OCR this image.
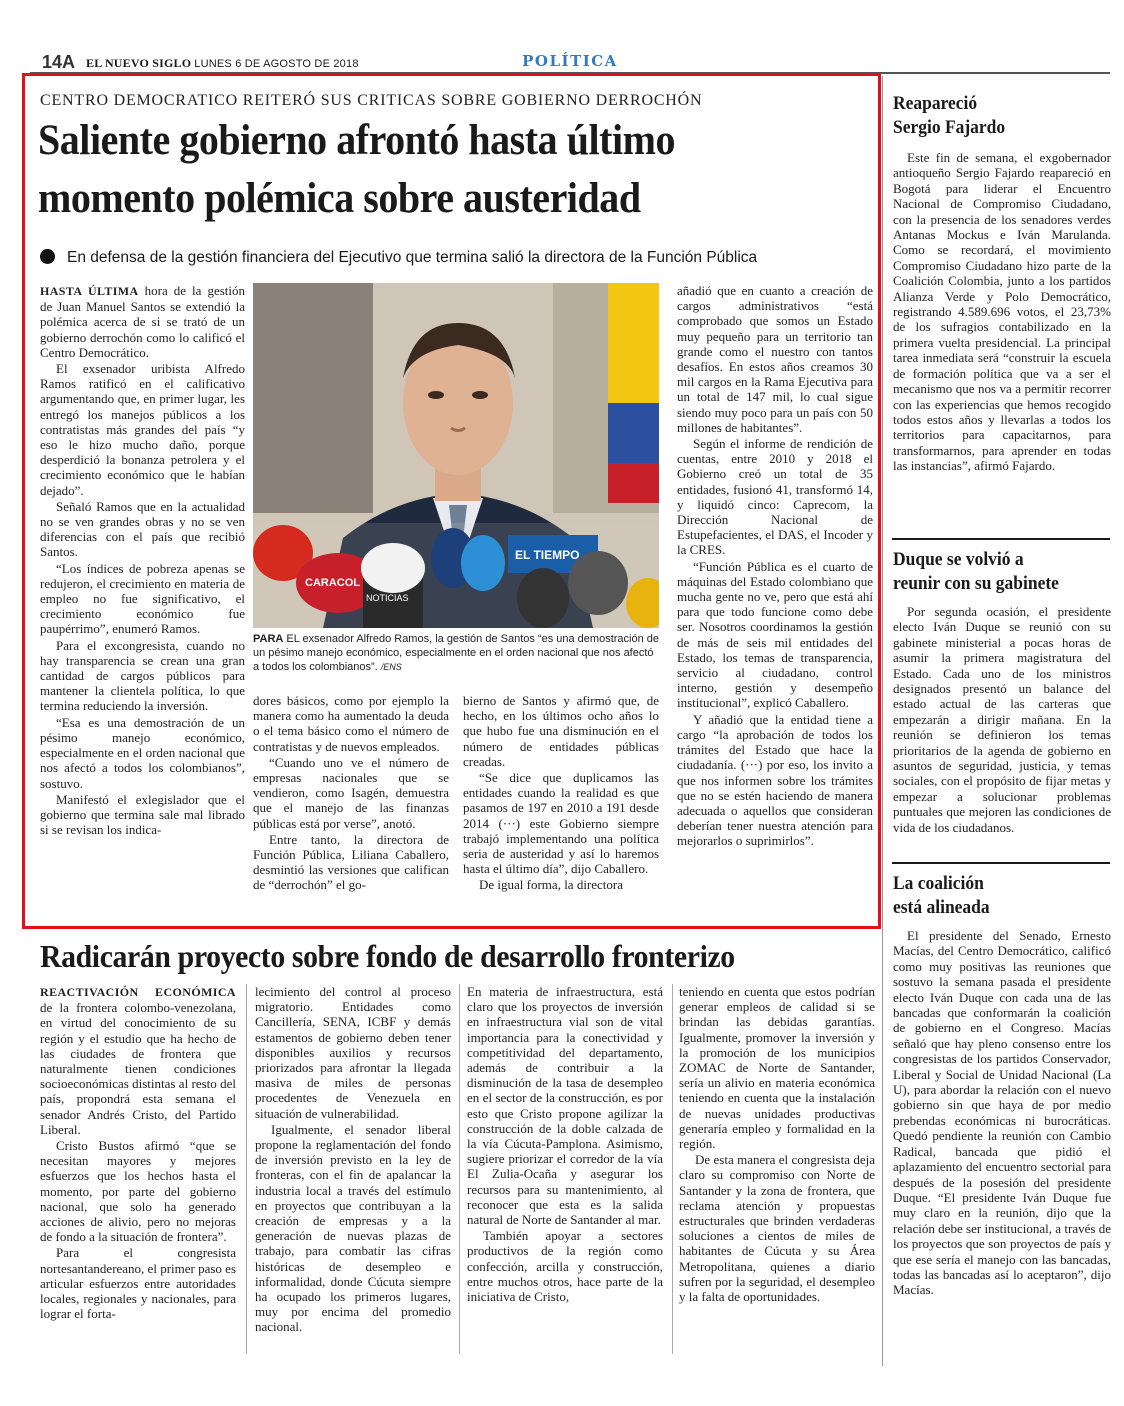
14A EL NUEVO SIGLO LUNES 6 DE AGOSTO DE 2018	POLÍTICA
CENTRO DEMOCRATICO REITERÓ SUS CRITICAS SOBRE GOBIERNO DERROCHÓN
Saliente gobierno afrontó hasta último
momento polémica sobre austeridad
En defensa de la gestión financiera del Ejecutivo que termina salió la directora de la Función Pública

HASTA ÚLTIMA hora de la gestión de Juan Manuel Santos se extendió la polémica acerca de si se trató de un gobierno derrochón como lo calificó el Centro Democrático.

El exsenador uribista Alfredo Ramos ratificó en el calificativo argumentando que, en primer lugar, les entregó los manejos públicos a los contratistas más grandes del país “y eso le hizo mucho daño, porque desperdició la bonanza petrolera y el crecimiento económico que le habían dejado”.

Señaló Ramos que en la actualidad no se ven grandes obras y no se ven diferencias con el país que recibió Santos.

“Los índices de pobreza apenas se redujeron, el crecimiento en materia de empleo no fue significativo, el crecimiento económico fue paupérrimo”, enumeró Ramos.

Para el excongresista, cuando no hay transparencia se crean una gran cantidad de cargos públicos para mantener la clientela política, lo que termina reduciendo la inversión.

“Esa es una demostración de un pésimo manejo económico, especialmente en el orden nacional que nos afectó a todos los colombianos”, sostuvo.

Manifestó el exlegislador que el gobierno que termina sale mal librado si se revisan los indica-

CARACOL
NOTICIAS
EL TIEMPO
PARA EL exsenador Alfredo Ramos, la gestión de Santos “es una demostración de un pésimo manejo económico, especialmente en el orden nacional que nos afectó a todos los colombianos”. /ENS

dores básicos, como por ejemplo la manera como ha aumentado la deuda o el tema básico como el número de contratistas y de nuevos empleados.

“Cuando uno ve el número de empresas nacionales que se vendieron, como Isagén, demuestra que el manejo de las finanzas públicas está por verse”, anotó.

Entre tanto, la directora de Función Pública, Liliana Caballero, desmintió las versiones que califican de “derrochón” el go-

bierno de Santos y afirmó que, de hecho, en los últimos ocho años lo que hubo fue una disminución en el número de entidades públicas creadas.

“Se dice que duplicamos las entidades cuando la realidad es que pasamos de 197 en 2010 a 191 desde 2014 (···) este Gobierno siempre trabajó implementando una política seria de austeridad y así lo haremos hasta el último día”, dijo Caballero.

De igual forma, la directora

añadió que en cuanto a creación de cargos administrativos “está comprobado que somos un Estado muy pequeño para un territorio tan grande como el nuestro con tantos desafíos. En estos años creamos 30 mil cargos en la Rama Ejecutiva para un total de 147 mil, lo cual sigue siendo muy poco para un país con 50 millones de habitantes”.

Según el informe de rendición de cuentas, entre 2010 y 2018 el Gobierno creó un total de 35 entidades, fusionó 41, transformó 14, y liquidó cinco: Caprecom, la Dirección Nacional de Estupefacientes, el DAS, el Incoder y la CRES.

“Función Pública es el cuarto de máquinas del Estado colombiano que mucha gente no ve, pero que está ahí para que todo funcione como debe ser. Nosotros coordinamos la gestión de más de seis mil entidades del Estado, los temas de transparencia, servicio al ciudadano, control interno, gestión y desempeño institucional”, explicó Caballero.

Y añadió que la entidad tiene a cargo “la aprobación de todos los trámites del Estado que hace la ciudadanía. (···) por eso, los invito a que nos informen sobre los trámites que no se estén haciendo de manera adecuada o aquellos que consideran deberían tener nuestra atención para mejorarlos o suprimirlos”.

Reapareció
Sergio Fajardo

Este fin de semana, el exgobernador antioqueño Sergio Fajardo reapareció en Bogotá para liderar el Encuentro Nacional de Compromiso Ciudadano, con la presencia de los senadores verdes Antanas Mockus e Iván Marulanda. Como se recordará, el movimiento Compromiso Ciudadano hizo parte de la Coalición Colombia, junto a los partidos Alianza Verde y Polo Democrático, registrando 4.589.696 votos, el 23,73% de los sufragios contabilizado en la primera vuelta presidencial. La principal tarea inmediata será “construir la escuela de formación política que va a ser el mecanismo que nos va a permitir recorrer con las experiencias que hemos recogido todos estos años y llevarlas a todos los territorios para capacitarnos, para transformarnos, para aprender en todas las instancias”, afirmó Fajardo.

Duque se volvió a
reunir con su gabinete

Por segunda ocasión, el presidente electo Iván Duque se reunió con su gabinete ministerial a pocas horas de asumir la primera magistratura del Estado. Cada uno de los ministros designados presentó un balance del estado actual de las carteras que empezarán a dirigir mañana. En la reunión se definieron los temas prioritarios de la agenda de gobierno en asuntos de seguridad, justicia, y temas sociales, con el propósito de fijar metas y empezar a solucionar problemas puntuales que mejoren las condiciones de vida de los ciudadanos.

La coalición
está alineada

El presidente del Senado, Ernesto Macías, del Centro Democrático, calificó como muy positivas las reuniones que sostuvo la semana pasada el presidente electo Iván Duque con cada una de las bancadas que conformarán la coalición de gobierno en el Congreso. Macías señaló que hay pleno consenso entre los congresistas de los partidos Conservador, Liberal y Social de Unidad Nacional (La U), para abordar la relación con el nuevo gobierno sin que haya de por medio prebendas económicas ni burocráticas. Quedó pendiente la reunión con Cambio Radical, bancada que pidió el aplazamiento del encuentro sectorial para después de la posesión del presidente Duque. “El presidente Iván Duque fue muy claro en la reunión, dijo que la relación debe ser institucional, a través de los proyectos que son proyectos de país y que ese sería el manejo con las bancadas, todas las bancadas así lo aceptaron”, dijo Macías.

Radicarán proyecto sobre fondo de desarrollo fronterizo

REACTIVACIÓN ECONÓMICA de la frontera colombo-venezolana, en virtud del conocimiento de su región y el estudio que ha hecho de las ciudades de frontera que naturalmente tienen condiciones socioeconómicas distintas al resto del país, propondrá esta semana el senador Andrés Cristo, del Partido Liberal.

Cristo Bustos afirmó “que se necesitan mayores y mejores esfuerzos que los hechos hasta el momento, por parte del gobierno nacional, que solo ha generado acciones de alivio, pero no mejoras de fondo a la situación de frontera”.

Para el congresista nortesantandereano, el primer paso es articular esfuerzos entre autoridades locales, regionales y nacionales, para lograr el forta-

lecimiento del control al proceso migratorio. Entidades como Cancillería, SENA, ICBF y demás estamentos de gobierno deben tener disponibles auxilios y recursos priorizados para afrontar la llegada masiva de miles de personas procedentes de Venezuela en situación de vulnerabilidad.

Igualmente, el senador liberal propone la reglamentación del fondo de inversión previsto en la ley de fronteras, con el fin de apalancar la industria local a través del estímulo en proyectos que contribuyan a la creación de empresas y a la generación de nuevas plazas de trabajo, para combatir las cifras históricas de desempleo e informalidad, donde Cúcuta siempre ha ocupado los primeros lugares, muy por encima del promedio nacional.

En materia de infraestructura, está claro que los proyectos de inversión en infraestructura vial son de vital importancia para la conectividad y competitividad del departamento, además de contribuir a la disminución de la tasa de desempleo en el sector de la construcción, es por esto que Cristo propone agilizar la construcción de la doble calzada de la vía Cúcuta-Pamplona. Asimismo, sugiere priorizar el corredor de la vía El Zulia-Ocaña y asegurar los recursos para su mantenimiento, al reconocer que esta es la salida natural de Norte de Santander al mar.

También apoyar a sectores productivos de la región como confección, arcilla y construcción, entre muchos otros, hace parte de la iniciativa de Cristo,

teniendo en cuenta que estos podrían generar empleos de calidad si se brindan las debidas garantías. Igualmente, promover la inversión y la promoción de los municipios ZOMAC de Norte de Santander, sería un alivio en materia económica teniendo en cuenta que la instalación de nuevas unidades productivas generaría empleo y formalidad en la región.

De esta manera el congresista deja claro su compromiso con Norte de Santander y la zona de frontera, que reclama atención y propuestas estructurales que brinden verdaderas soluciones a cientos de miles de habitantes de Cúcuta y su Área Metropolitana, quienes a diario sufren por la seguridad, el desempleo y la falta de oportunidades.
